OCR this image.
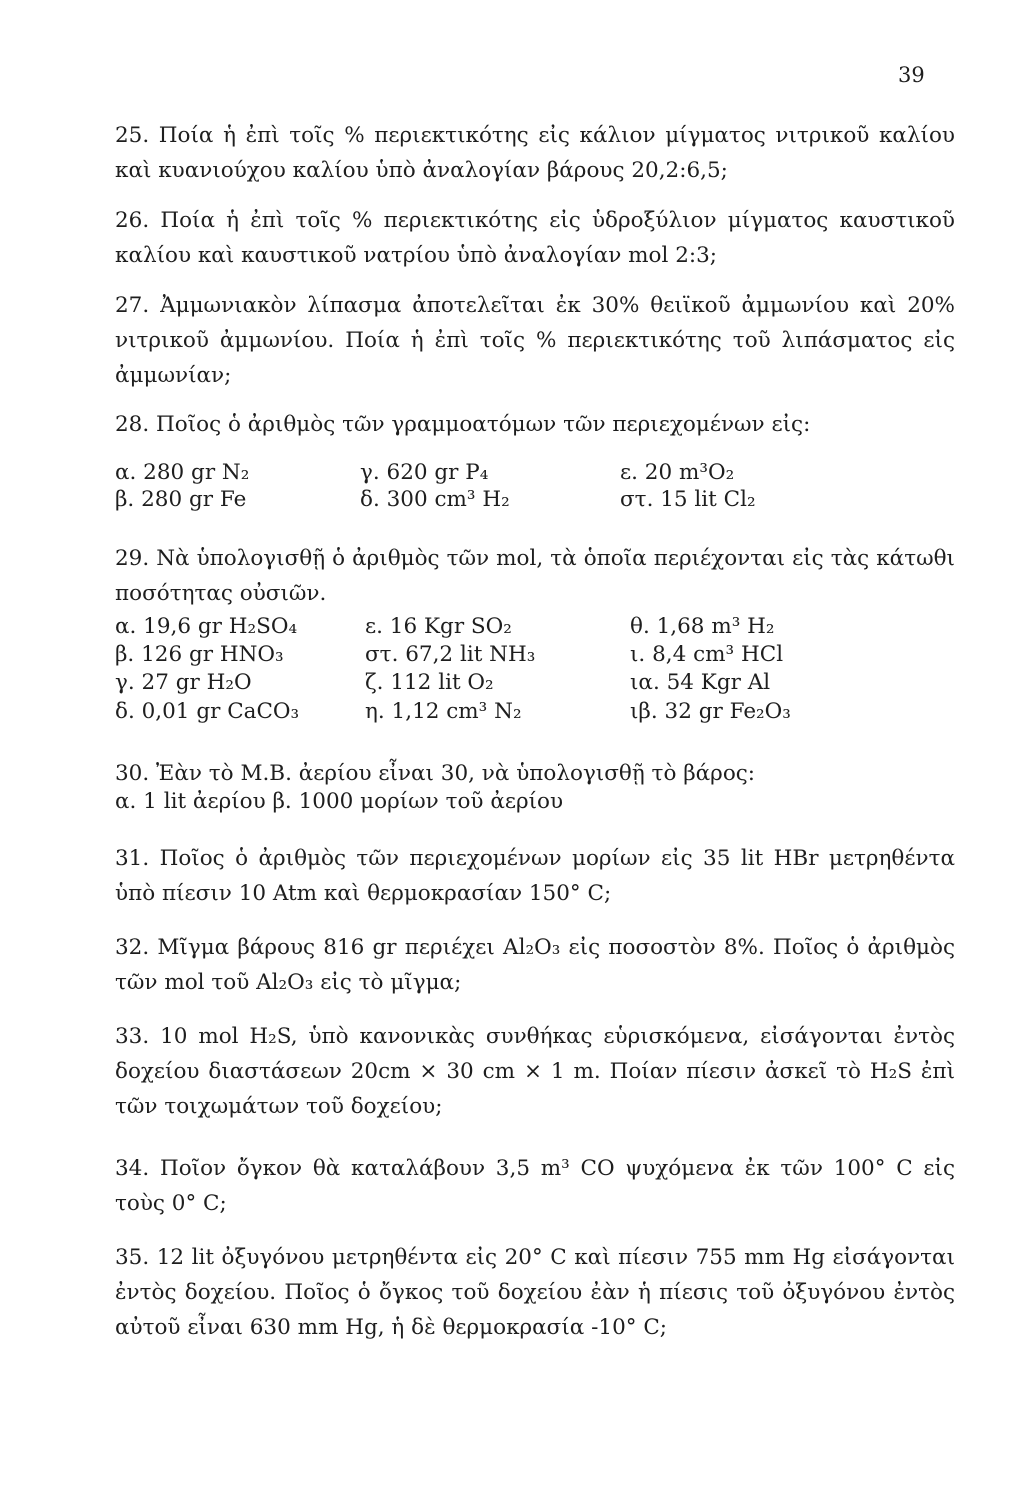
39
25. Ποία ἡ ἐπὶ τοῖς % περιεκτικότης εἰς κάλιον μίγματος νιτρικοῦ καλίου καὶ κυανιούχου καλίου ὑπὸ ἀναλογίαν βάρους 20,2:6,5;
26. Ποία ἡ ἐπὶ τοῖς % περιεκτικότης εἰς ὑδροξύλιον μίγματος καυστικοῦ καλίου καὶ καυστικοῦ νατρίου ὑπὸ ἀναλογίαν mol 2:3;
27. Ἀμμωνιακὸν λίπασμα ἀποτελεῖται ἐκ 30% θειϊκοῦ ἀμμωνίου καὶ 20% νιτρικοῦ ἀμμωνίου. Ποία ἡ ἐπὶ τοῖς % περιεκτικότης τοῦ λιπάσματος εἰς ἀμμωνίαν;
28. Ποῖος ὁ ἀριθμὸς τῶν γραμμοατόμων τῶν περιεχομένων εἰς:
α. 280 gr N₂	γ. 620 gr P₄	ε. 20 m³O₂
β. 280 gr Fe	δ. 300 cm³ H₂	στ. 15 lit Cl₂
29. Νὰ ὑπολογισθῇ ὁ ἀριθμὸς τῶν mol, τὰ ὁποῖα περιέχονται εἰς τὰς κάτωθι ποσότητας οὐσιῶν.
α. 19,6 gr H₂SO₄	ε. 16 Kgr SO₂	θ. 1,68 m³ H₂
β. 126 gr HNO₃	στ. 67,2 lit NH₃	ι. 8,4 cm³ HCl
γ. 27 gr H₂O	ζ. 112 lit O₂	ια. 54 Kgr Al
δ. 0,01 gr CaCO₃	η. 1,12 cm³ N₂	ιβ. 32 gr Fe₂O₃
30. Ἐὰν τὸ Μ.Β. ἀερίου εἶναι 30, νὰ ὑπολογισθῇ τὸ βάρος:
α. 1 lit ἀερίου β. 1000 μορίων τοῦ ἀερίου
31. Ποῖος ὁ ἀριθμὸς τῶν περιεχομένων μορίων εἰς 35 lit HBr μετρηθέντα ὑπὸ πίεσιν 10 Atm καὶ θερμοκρασίαν 150° C;
32. Μῖγμα βάρους 816 gr περιέχει Al₂O₃ εἰς ποσοστὸν 8%. Ποῖος ὁ ἀριθμὸς τῶν mol τοῦ Al₂O₃ εἰς τὸ μῖγμα;
33. 10 mol H₂S, ὑπὸ κανονικὰς συνθήκας εὑρισκόμενα, εἰσάγονται ἐντὸς δοχείου διαστάσεων 20cm × 30 cm × 1 m. Ποίαν πίεσιν ἀσκεῖ τὸ H₂S ἐπὶ τῶν τοιχωμάτων τοῦ δοχείου;
34. Ποῖον ὄγκον θὰ καταλάβουν 3,5 m³ CO ψυχόμενα ἐκ τῶν 100° C εἰς τοὺς 0° C;
35. 12 lit ὀξυγόνου μετρηθέντα εἰς 20° C καὶ πίεσιν 755 mm Hg εἰσάγονται ἐντὸς δοχείου. Ποῖος ὁ ὄγκος τοῦ δοχείου ἐὰν ἡ πίεσις τοῦ ὀξυγόνου ἐντὸς αὐτοῦ εἶναι 630 mm Hg, ἡ δὲ θερμοκρασία -10° C;
